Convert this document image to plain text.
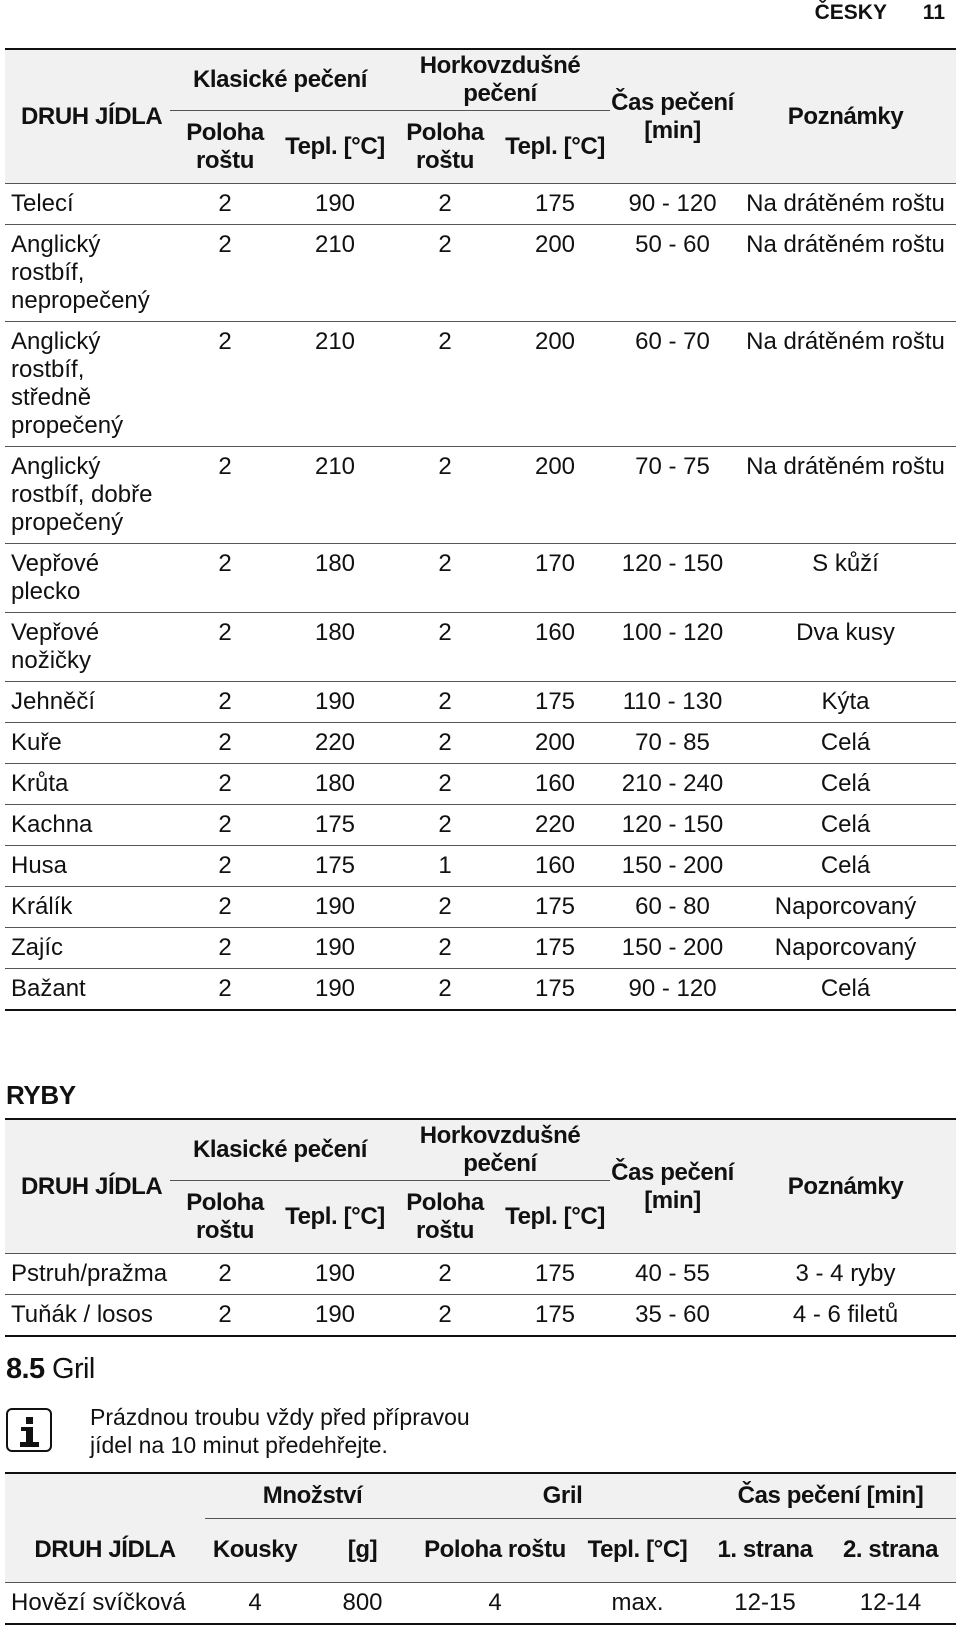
ČESKY 11
DRUH JÍDLA	Klasické pečení		Horkovzdušné pečení		Čas pečení [min]	Poznámky
	Poloha roštu	Tepl. [°C]	Poloha roštu	Tepl. [°C]		
Telecí	2	190	2	175	90 - 120	Na drátěném roštu
Anglický rostbíf, nepropečený	2	210	2	200	50 - 60	Na drátěném roštu
Anglický rostbíf, středně propečený	2	210	2	200	60 - 70	Na drátěném roštu
Anglický rostbíf, dobře propečený	2	210	2	200	70 - 75	Na drátěném roštu
Vepřové plecko	2	180	2	170	120 - 150	S kůží
Vepřové nožičky	2	180	2	160	100 - 120	Dva kusy
Jehněčí	2	190	2	175	110 - 130	Kýta
Kuře	2	220	2	200	70 - 85	Celá
Krůta	2	180	2	160	210 - 240	Celá
Kachna	2	175	2	220	120 - 150	Celá
Husa	2	175	1	160	150 - 200	Celá
Králík	2	190	2	175	60 - 80	Naporcovaný
Zajíc	2	190	2	175	150 - 200	Naporcovaný
Bažant	2	190	2	175	90 - 120	Celá
RYBY
DRUH JÍDLA	Klasické pečení		Horkovzdušné pečení		Čas pečení [min]	Poznámky
	Poloha roštu	Tepl. [°C]	Poloha roštu	Tepl. [°C]		
Pstruh/pražma	2	190	2	175	40 - 55	3 - 4 ryby
Tuňák / losos	2	190	2	175	35 - 60	4 - 6 filetů
8.5 Gril
Prázdnou troubu vždy před přípravou jídel na 10 minut předehřejte.
	Množství		Gril		Čas pečení [min]	
DRUH JÍDLA	Kousky	[g]	Poloha roštu	Tepl. [°C]	1. strana	2. strana
Hovězí svíčková	4	800	4	max.	12-15	12-14
